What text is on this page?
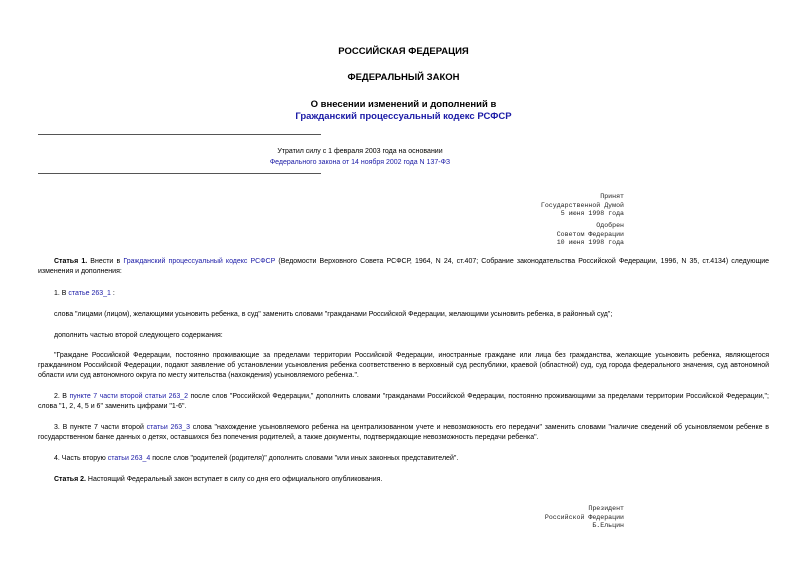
РОССИЙСКАЯ ФЕДЕРАЦИЯ
ФЕДЕРАЛЬНЫЙ ЗАКОН
О внесении изменений и дополнений в
Гражданский процессуальный кодекс РСФСР
Утратил силу с 1 февраля 2003 года на основании
Федерального закона от 14 ноября 2002 года N 137-ФЗ
Принят
Государственной Думой
5 июня 1998 года
Одобрен
Советом Федерации
10 июня 1998 года

Статья 1. Внести в Гражданский процессуальный кодекс РСФСР (Ведомости Верховного Совета РСФСР, 1964, N 24, ст.407; Собрание законодательства Российской Федерации, 1996, N 35, ст.4134) следующие изменения и дополнения:

1. В статье 263_1 :

слова "лицами (лицом), желающими усыновить ребенка, в суд" заменить словами "гражданами Российской Федерации, желающими усыновить ребенка, в районный суд";

дополнить частью второй следующего содержания:

"Граждане Российской Федерации, постоянно проживающие за пределами территории Российской Федерации, иностранные граждане или лица без гражданства, желающие усыновить ребенка, являющегося гражданином Российской Федерации, подают заявление об установлении усыновления ребенка соответственно в верховный суд республики, краевой (областной) суд, суд города федерального значения, суд автономной области или суд автономного округа по месту жительства (нахождения) усыновляемого ребенка.".

2. В пункте 7 части второй статьи 263_2 после слов "Российской Федерации," дополнить словами "гражданами Российской Федерации, постоянно проживающими за пределами территории Российской Федерации,"; слова "1, 2, 4, 5 и 6" заменить цифрами "1-6".

3. В пункте 7 части второй статьи 263_3 слова "нахождение усыновляемого ребенка на централизованном учете и невозможность его передачи" заменить словами "наличие сведений об усыновляемом ребенке в государственном банке данных о детях, оставшихся без попечения родителей, а также документы, подтверждающие невозможность передачи ребенка".

4. Часть вторую статьи 263_4 после слов "родителей (родителя)" дополнить словами "или иных законных представителей".

Статья 2. Настоящий Федеральный закон вступает в силу со дня его официального опубликования.

Президент
Российской Федерации
Б.Ельцин
